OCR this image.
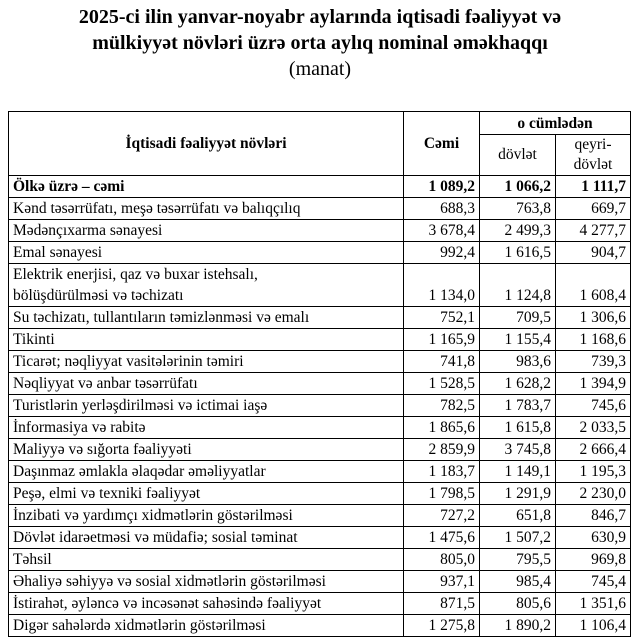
2025-ci ilin yanvar-noyabr aylarında iqtisadi fəaliyyət və
mülkiyyət növləri üzrə orta aylıq nominal əməkhaqqı
(manat)
İqtisadi fəaliyyət növləri	Cəmi	o cümlədən	
		dövlət	qeyri-
dövlət
Ölkə üzrə – cəmi	1 089,2	1 066,2	1 111,7
Kənd təsərrüfatı, meşə təsərrüfatı və balıqçılıq	688,3	763,8	669,7
Mədənçıxarma sənayesi	3 678,4	2 499,3	4 277,7
Emal sənayesi	992,4	1 616,5	904,7
Elektrik enerjisi, qaz və buxar istehsalı,
bölüşdürülməsi və təchizatı	1 134,0	1 124,8	1 608,4
Su təchizatı, tullantıların təmizlənməsi və emalı	752,1	709,5	1 306,6
Tikinti	1 165,9	1 155,4	1 168,6
Ticarət; nəqliyyat vasitələrinin təmiri	741,8	983,6	739,3
Nəqliyyat və anbar təsərrüfatı	1 528,5	1 628,2	1 394,9
Turistlərin yerləşdirilməsi və ictimai iaşə	782,5	1 783,7	745,6
İnformasiya və rabitə	1 865,6	1 615,8	2 033,5
Maliyyə və sığorta fəaliyyəti	2 859,9	3 745,8	2 666,4
Daşınmaz əmlakla əlaqədar əməliyyatlar	1 183,7	1 149,1	1 195,3
Peşə, elmi və texniki fəaliyyət	1 798,5	1 291,9	2 230,0
İnzibati və yardımçı xidmətlərin göstərilməsi	727,2	651,8	846,7
Dövlət idarəetməsi və müdafiə; sosial təminat	1 475,6	1 507,2	630,9
Təhsil	805,0	795,5	969,8
Əhaliyə səhiyyə və sosial xidmətlərin göstərilməsi	937,1	985,4	745,4
İstirahət, əyləncə və incəsənət sahəsində fəaliyyət	871,5	805,6	1 351,6
Digər sahələrdə xidmətlərin göstərilməsi	1 275,8	1 890,2	1 106,4
